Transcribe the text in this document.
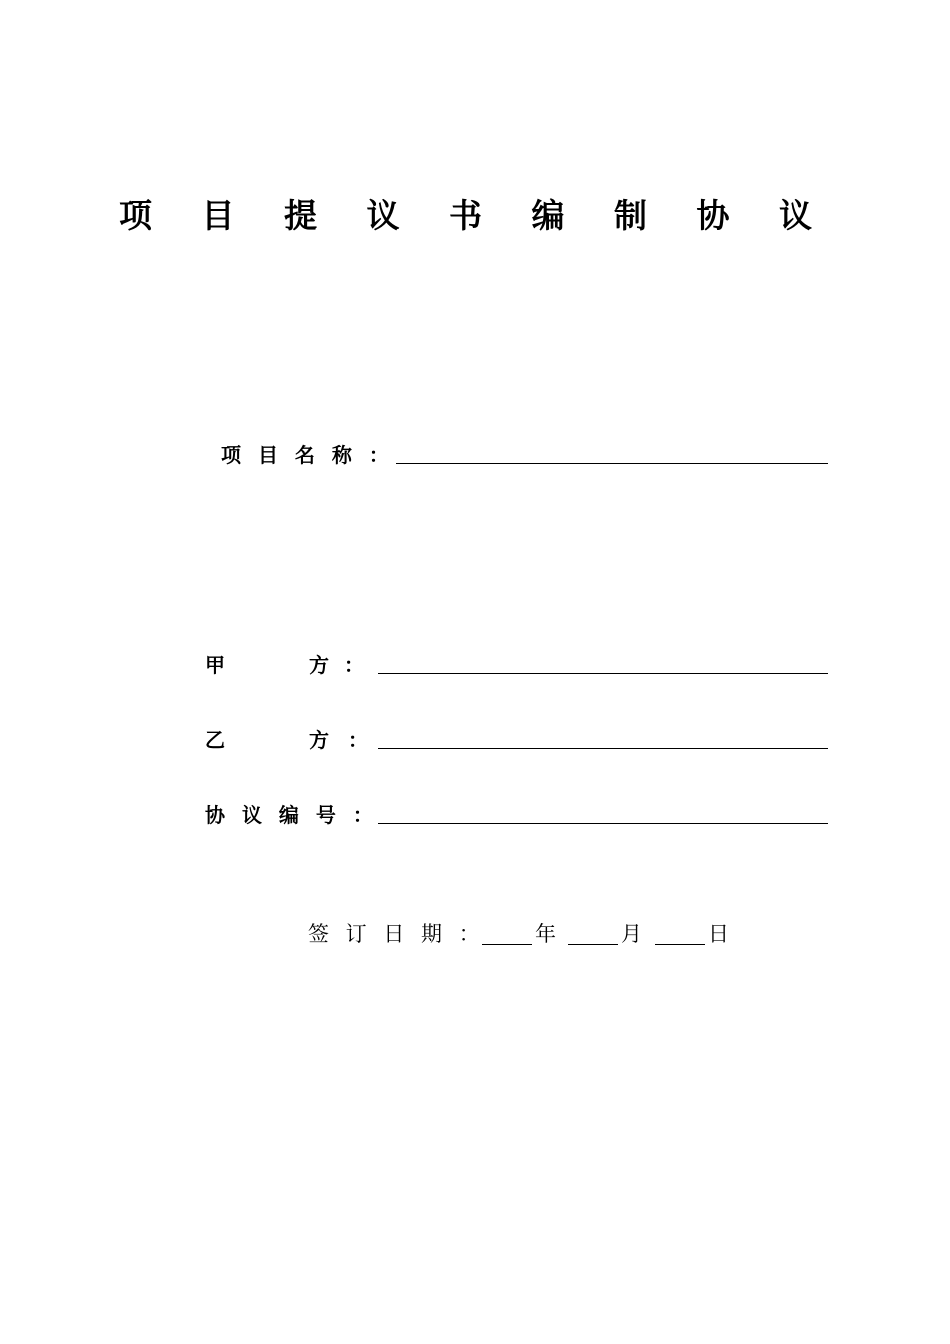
项 目 提 议 书 编 制 协 议
项 目 名 称 ：
甲	方 ：
乙	方 ：
协 议 编 号 ：
签 订 日 期 ： 年	月	日
